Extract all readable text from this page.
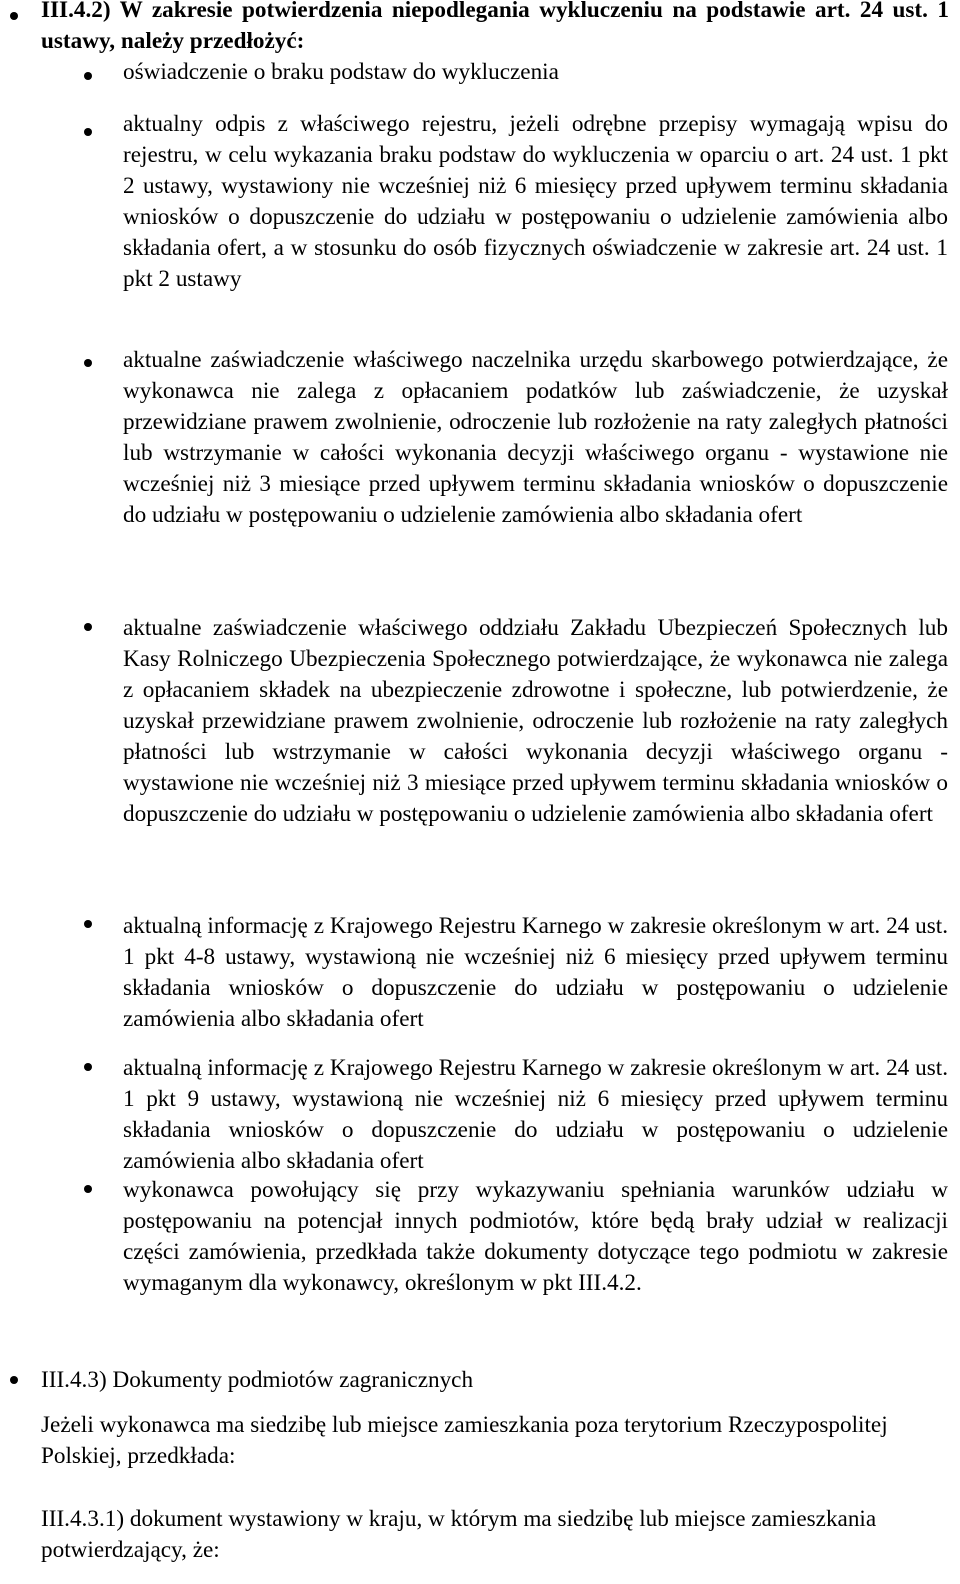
III.4.2) W zakresie potwierdzenia niepodlegania wykluczeniu na podstawie art. 24 ust. 1 ustawy, należy przedłożyć:

oświadczenie o braku podstaw do wykluczenia

aktualny odpis z właściwego rejestru, jeżeli odrębne przepisy wymagają wpisu do rejestru, w celu wykazania braku podstaw do wykluczenia w oparciu o art. 24 ust. 1 pkt 2 ustawy, wystawiony nie wcześniej niż 6 miesięcy przed upływem terminu składania wniosków o dopuszczenie do udziału w postępowaniu o udzielenie zamówienia albo składania ofert, a w stosunku do osób fizycznych oświadczenie w zakresie art. 24 ust. 1 pkt 2 ustawy

aktualne zaświadczenie właściwego naczelnika urzędu skarbowego potwierdzające, że wykonawca nie zalega z opłacaniem podatków lub zaświadczenie, że uzyskał przewidziane prawem zwolnienie, odroczenie lub rozłożenie na raty zaległych płatności lub wstrzymanie w całości wykonania decyzji właściwego organu - wystawione nie wcześniej niż 3 miesiące przed upływem terminu składania wniosków o dopuszczenie do udziału w postępowaniu o udzielenie zamówienia albo składania ofert

aktualne zaświadczenie właściwego oddziału Zakładu Ubezpieczeń Społecznych lub Kasy Rolniczego Ubezpieczenia Społecznego potwierdzające, że wykonawca nie zalega z opłacaniem składek na ubezpieczenie zdrowotne i społeczne, lub potwierdzenie, że uzyskał przewidziane prawem zwolnienie, odroczenie lub rozłożenie na raty zaległych płatności lub wstrzymanie w całości wykonania decyzji właściwego organu - wystawione nie wcześniej niż 3 miesiące przed upływem terminu składania wniosków o dopuszczenie do udziału w postępowaniu o udzielenie zamówienia albo składania ofert

aktualną informację z Krajowego Rejestru Karnego w zakresie określonym w art. 24 ust. 1 pkt 4-8 ustawy, wystawioną nie wcześniej niż 6 miesięcy przed upływem terminu składania wniosków o dopuszczenie do udziału w postępowaniu o udzielenie zamówienia albo składania ofert

aktualną informację z Krajowego Rejestru Karnego w zakresie określonym w art. 24 ust. 1 pkt 9 ustawy, wystawioną nie wcześniej niż 6 miesięcy przed upływem terminu składania wniosków o dopuszczenie do udziału w postępowaniu o udzielenie zamówienia albo składania ofert

wykonawca powołujący się przy wykazywaniu spełniania warunków udziału w postępowaniu na potencjał innych podmiotów, które będą brały udział w realizacji części zamówienia, przedkłada także dokumenty dotyczące tego podmiotu w zakresie wymaganym dla wykonawcy, określonym w pkt III.4.2.

III.4.3) Dokumenty podmiotów zagranicznych

Jeżeli wykonawca ma siedzibę lub miejsce zamieszkania poza terytorium Rzeczypospolitej Polskiej, przedkłada:

III.4.3.1) dokument wystawiony w kraju, w którym ma siedzibę lub miejsce zamieszkania potwierdzający, że:
